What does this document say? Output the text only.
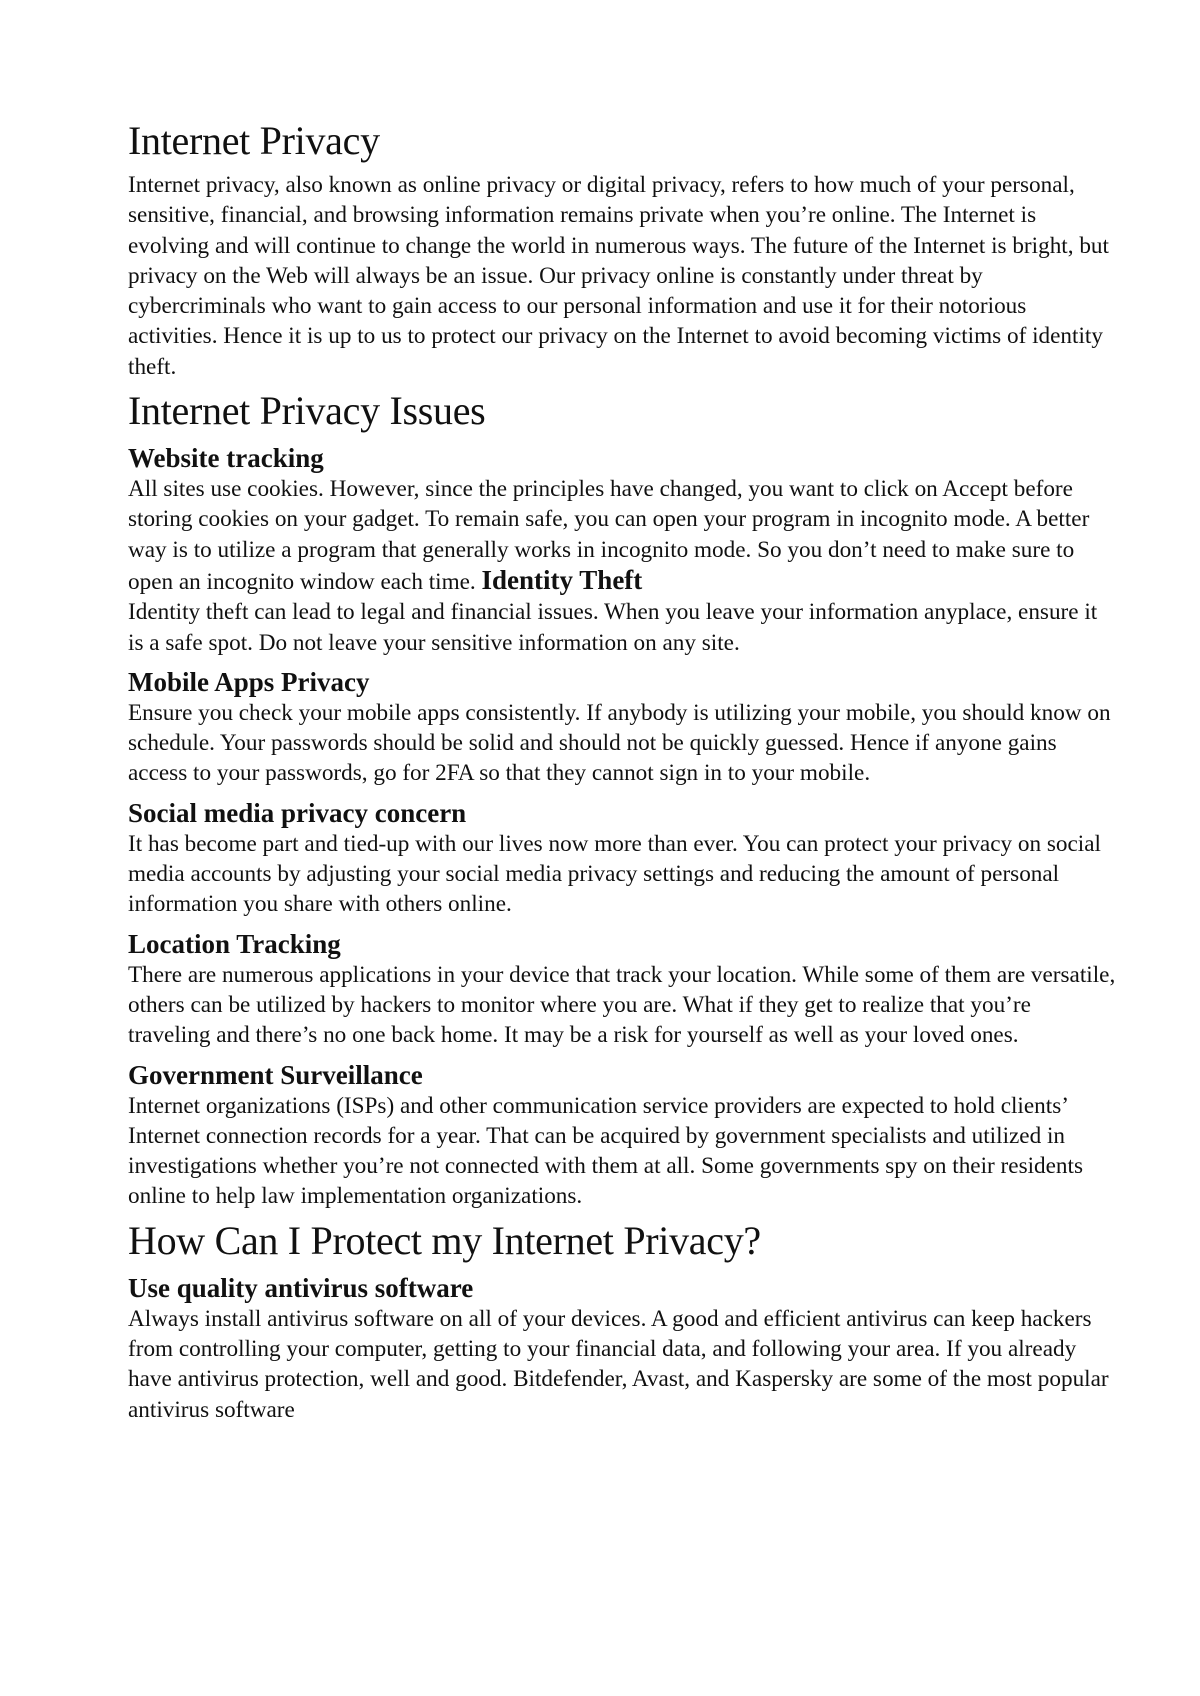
Internet Privacy

Internet privacy, also known as online privacy or digital privacy, refers to how much of your personal, sensitive, financial, and browsing information remains private when you’re online. The Internet is evolving and will continue to change the world in numerous ways. The future of the Internet is bright, but privacy on the Web will always be an issue. Our privacy online is constantly under threat by cybercriminals who want to gain access to our personal information and use it for their notorious activities. Hence it is up to us to protect our privacy on the Internet to avoid becoming victims of identity theft.

Internet Privacy Issues
Website tracking

All sites use cookies. However, since the principles have changed, you want to click on Accept before storing cookies on your gadget. To remain safe, you can open your program in incognito mode. A better way is to utilize a program that generally works in incognito mode. So you don’t need to make sure to open an incognito window each time. Identity Theft

Identity theft can lead to legal and financial issues. When you leave your information anyplace, ensure it is a safe spot. Do not leave your sensitive information on any site.

Mobile Apps Privacy

Ensure you check your mobile apps consistently. If anybody is utilizing your mobile, you should know on schedule. Your passwords should be solid and should not be quickly guessed. Hence if anyone gains access to your passwords, go for 2FA so that they cannot sign in to your mobile.

Social media privacy concern

It has become part and tied-up with our lives now more than ever. You can protect your privacy on social media accounts by adjusting your social media privacy settings and reducing the amount of personal information you share with others online.

Location Tracking

There are numerous applications in your device that track your location. While some of them are versatile, others can be utilized by hackers to monitor where you are. What if they get to realize that you’re traveling and there’s no one back home. It may be a risk for yourself as well as your loved ones.

Government Surveillance

Internet organizations (ISPs) and other communication service providers are expected to hold clients’ Internet connection records for a year. That can be acquired by government specialists and utilized in investigations whether you’re not connected with them at all. Some governments spy on their residents online to help law implementation organizations.

How Can I Protect my Internet Privacy?
Use quality antivirus software

Always install antivirus software on all of your devices. A good and efficient antivirus can keep hackers from controlling your computer, getting to your financial data, and following your area. If you already have antivirus protection, well and good. Bitdefender, Avast, and Kaspersky are some of the most popular antivirus software
